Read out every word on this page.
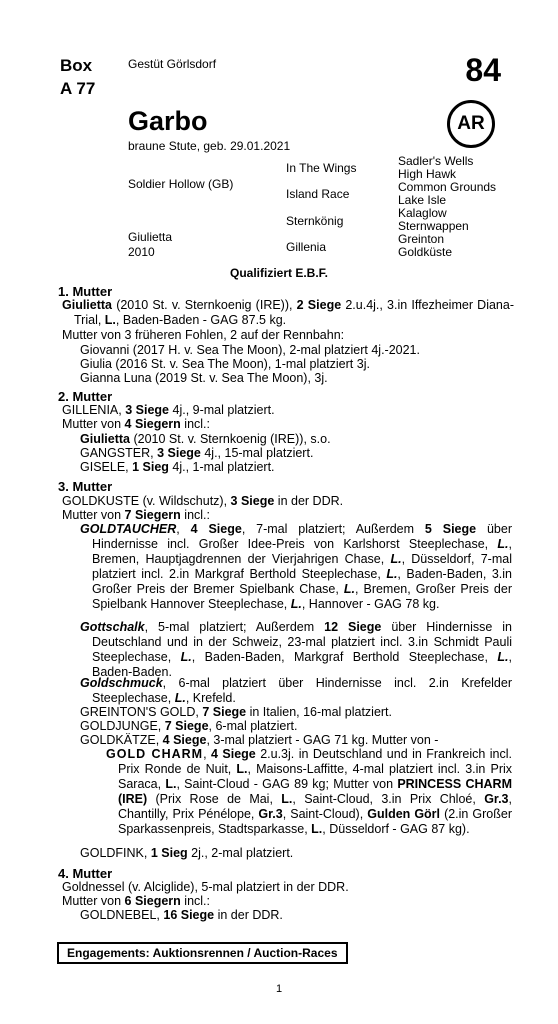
Box
A 77
Gestüt Görlsdorf	84
Garbo	AR
braune Stute, geb. 29.01.2021
Soldier Hollow (GB)
Giulietta
2010
In The Wings
Island Race
Sternkönig
Gillenia
Sadler's Wells
High Hawk
Common Grounds
Lake Isle
Kalaglow
Sternwappen
Greinton
Goldküste
Qualifiziert E.B.F.
1. Mutter
Giulietta (2010 St. v. Sternkoenig (IRE)), 2 Siege 2.u.4j., 3.in Iffezheimer Diana-Trial, L., Baden-Baden - GAG 87.5 kg.
Mutter von 3 früheren Fohlen, 2 auf der Rennbahn:
Giovanni (2017 H. v. Sea The Moon), 2-mal platziert 4j.-2021.
Giulia (2016 St. v. Sea The Moon), 1-mal platziert 3j.
Gianna Luna (2019 St. v. Sea The Moon), 3j.
2. Mutter
GILLENIA, 3 Siege 4j., 9-mal platziert.
Mutter von 4 Siegern incl.:
Giulietta (2010 St. v. Sternkoenig (IRE)), s.o.
GANGSTER, 3 Siege 4j., 15-mal platziert.
GISELE, 1 Sieg 4j., 1-mal platziert.
3. Mutter
GOLDKUSTE (v. Wildschutz), 3 Siege in der DDR.
Mutter von 7 Siegern incl.:
GOLDTAUCHER, 4 Siege, 7-mal platziert; Außerdem 5 Siege über Hindernisse incl. Großer Idee-Preis von Karlshorst Steeplechase, L., Bremen, Hauptjagdrennen der Vierjahrigen Chase, L., Düsseldorf, 7-mal platziert incl. 2.in Markgraf Berthold Steeplechase, L., Baden-Baden, 3.in Großer Preis der Bremer Spielbank Chase, L., Bremen, Großer Preis der Spielbank Hannover Steeplechase, L., Hannover - GAG 78 kg.
Gottschalk, 5-mal platziert; Außerdem 12 Siege über Hindernisse in Deutschland und in der Schweiz, 23-mal platziert incl. 3.in Schmidt Pauli Steeplechase, L., Baden-Baden, Markgraf Berthold Steeplechase, L., Baden-Baden.
Goldschmuck, 6-mal platziert über Hindernisse incl. 2.in Krefelder Steeplechase, L., Krefeld.
GREINTON'S GOLD, 7 Siege in Italien, 16-mal platziert.
GOLDJUNGE, 7 Siege, 6-mal platziert.
GOLDKÄTZE, 4 Siege, 3-mal platziert - GAG 71 kg. Mutter von -
GOLD CHARM, 4 Siege 2.u.3j. in Deutschland und in Frankreich incl. Prix Ronde de Nuit, L., Maisons-Laffitte, 4-mal platziert incl. 3.in Prix Saraca, L., Saint-Cloud - GAG 89 kg; Mutter von PRINCESS CHARM (IRE) (Prix Rose de Mai, L., Saint-Cloud, 3.in Prix Chloé, Gr.3, Chantilly, Prix Pénélope, Gr.3, Saint-Cloud), Gulden Görl (2.in Großer Sparkassenpreis, Stadtsparkasse, L., Düsseldorf - GAG 87 kg).
GOLDFINK, 1 Sieg 2j., 2-mal platziert.
4. Mutter
Goldnessel (v. Alciglide), 5-mal platziert in der DDR.
Mutter von 6 Siegern incl.:
GOLDNEBEL, 16 Siege in der DDR.
Engagements: Auktionsrennen / Auction-Races
1
